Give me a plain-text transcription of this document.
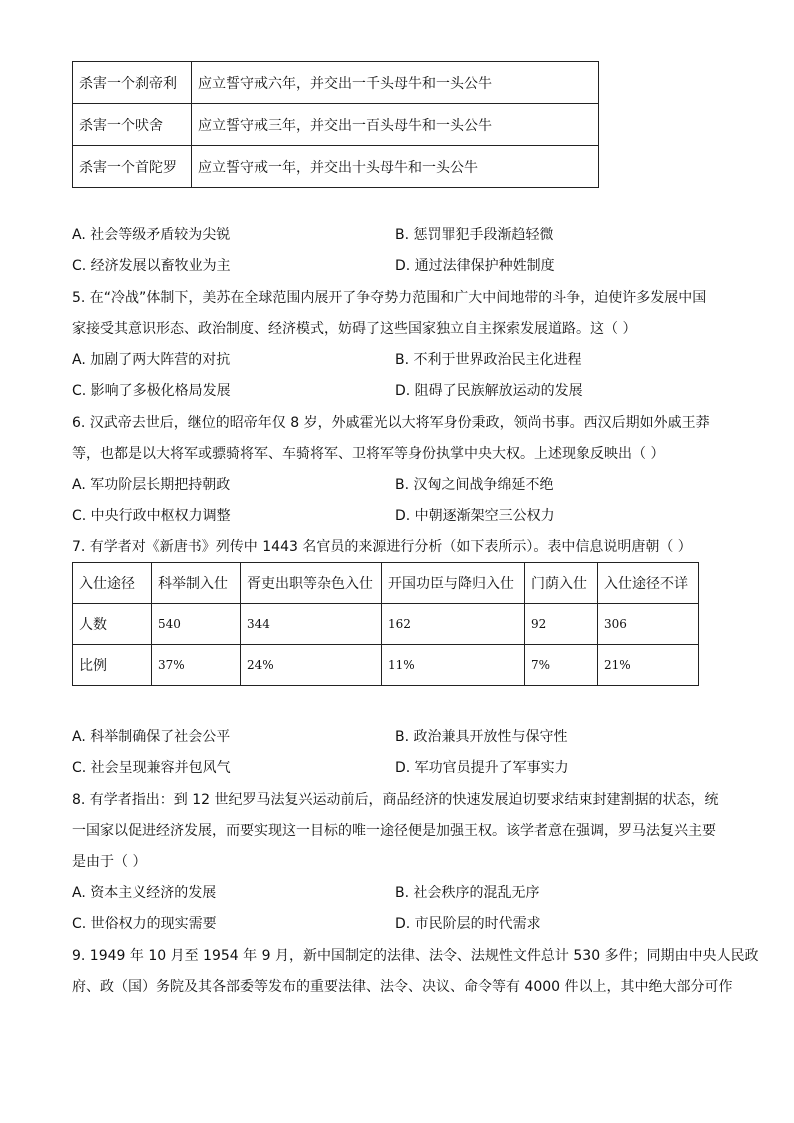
杀害一个刹帝利	应立誓守戒六年，并交出一千头母牛和一头公牛
杀害一个吠舍	应立誓守戒三年，并交出一百头母牛和一头公牛
杀害一个首陀罗	应立誓守戒一年，并交出十头母牛和一头公牛
A. 社会等级矛盾较为尖锐	B. 惩罚罪犯手段渐趋轻微
C. 经济发展以畜牧业为主	D. 通过法律保护种姓制度
5. 在“冷战”体制下，美苏在全球范围内展开了争夺势力范围和广大中间地带的斗争，迫使许多发展中国
家接受其意识形态、政治制度、经济模式，妨碍了这些国家独立自主探索发展道路。这（ ）
A. 加剧了两大阵营的对抗	B. 不利于世界政治民主化进程
C. 影响了多极化格局发展	D. 阻碍了民族解放运动的发展
6. 汉武帝去世后，继位的昭帝年仅 8 岁，外戚霍光以大将军身份秉政，领尚书事。西汉后期如外戚王莽
等，也都是以大将军或骠骑将军、车骑将军、卫将军等身份执掌中央大权。上述现象反映出（ ）
A. 军功阶层长期把持朝政	B. 汉匈之间战争绵延不绝
C. 中央行政中枢权力调整	D. 中朝逐渐架空三公权力
7. 有学者对《新唐书》列传中 1443 名官员的来源进行分析（如下表所示）。表中信息说明唐朝（ ）
入仕途径	科举制入仕	胥吏出职等杂色入仕	开国功臣与降归入仕	门荫入仕	入仕途径不详
人数	540	344	162	92	306
比例	37%	24%	11%	7%	21%
A. 科举制确保了社会公平	B. 政治兼具开放性与保守性
C. 社会呈现兼容并包风气	D. 军功官员提升了军事实力
8. 有学者指出：到 12 世纪罗马法复兴运动前后，商品经济的快速发展迫切要求结束封建割据的状态，统
一国家以促进经济发展，而要实现这一目标的唯一途径便是加强王权。该学者意在强调，罗马法复兴主要
是由于（ ）
A. 资本主义经济的发展	B. 社会秩序的混乱无序
C. 世俗权力的现实需要	D. 市民阶层的时代需求
9. 1949 年 10 月至 1954 年 9 月，新中国制定的法律、法令、法规性文件总计 530 多件；同期由中央人民政
府、政（国）务院及其各部委等发布的重要法律、法令、决议、命令等有 4000 件以上，其中绝大部分可作
